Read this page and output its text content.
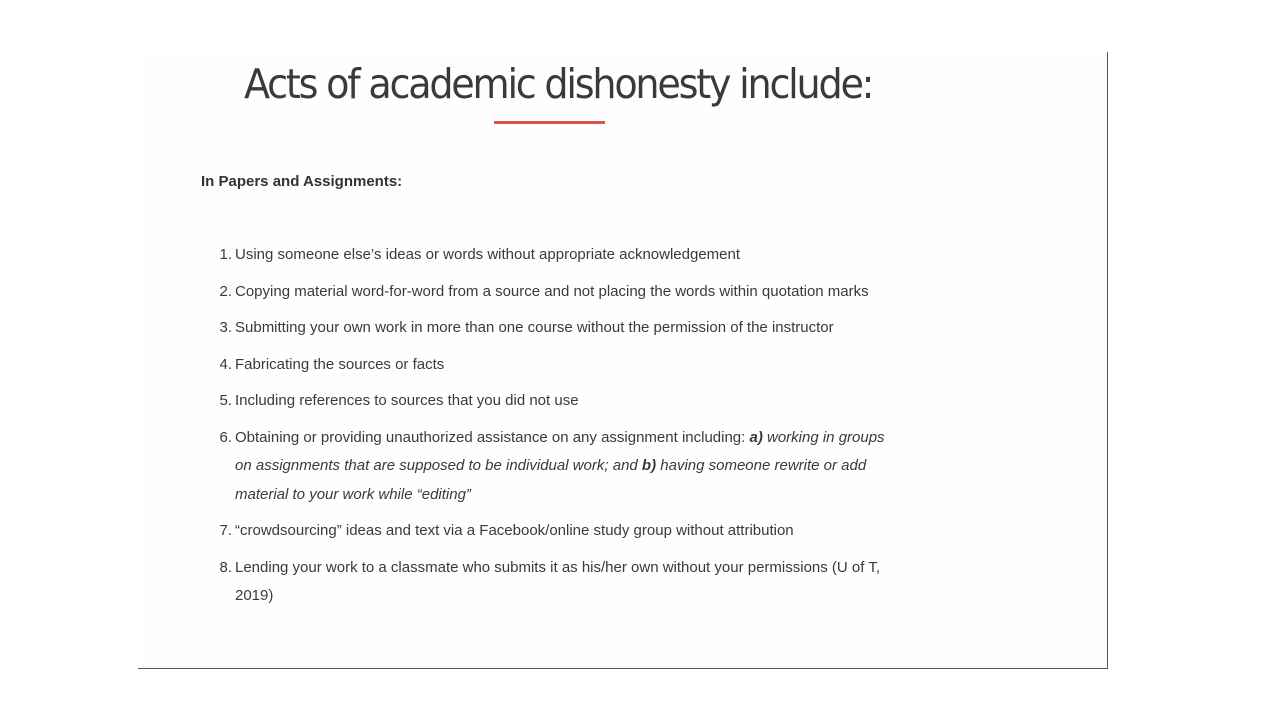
Acts of academic dishonesty include:
In Papers and Assignments:
1. Using someone else’s ideas or words without appropriate acknowledgement
2. Copying material word-for-word from a source and not placing the words within quotation marks
3. Submitting your own work in more than one course without the permission of the instructor
4. Fabricating the sources or facts
5. Including references to sources that you did not use
6. Obtaining or providing unauthorized assistance on any assignment including: a) working in groups on assignments that are supposed to be individual work; and b) having someone rewrite or add material to your work while “editing”
7. “crowdsourcing” ideas and text via a Facebook/online study group without attribution
8. Lending your work to a classmate who submits it as his/her own without your permissions (U of T, 2019)
